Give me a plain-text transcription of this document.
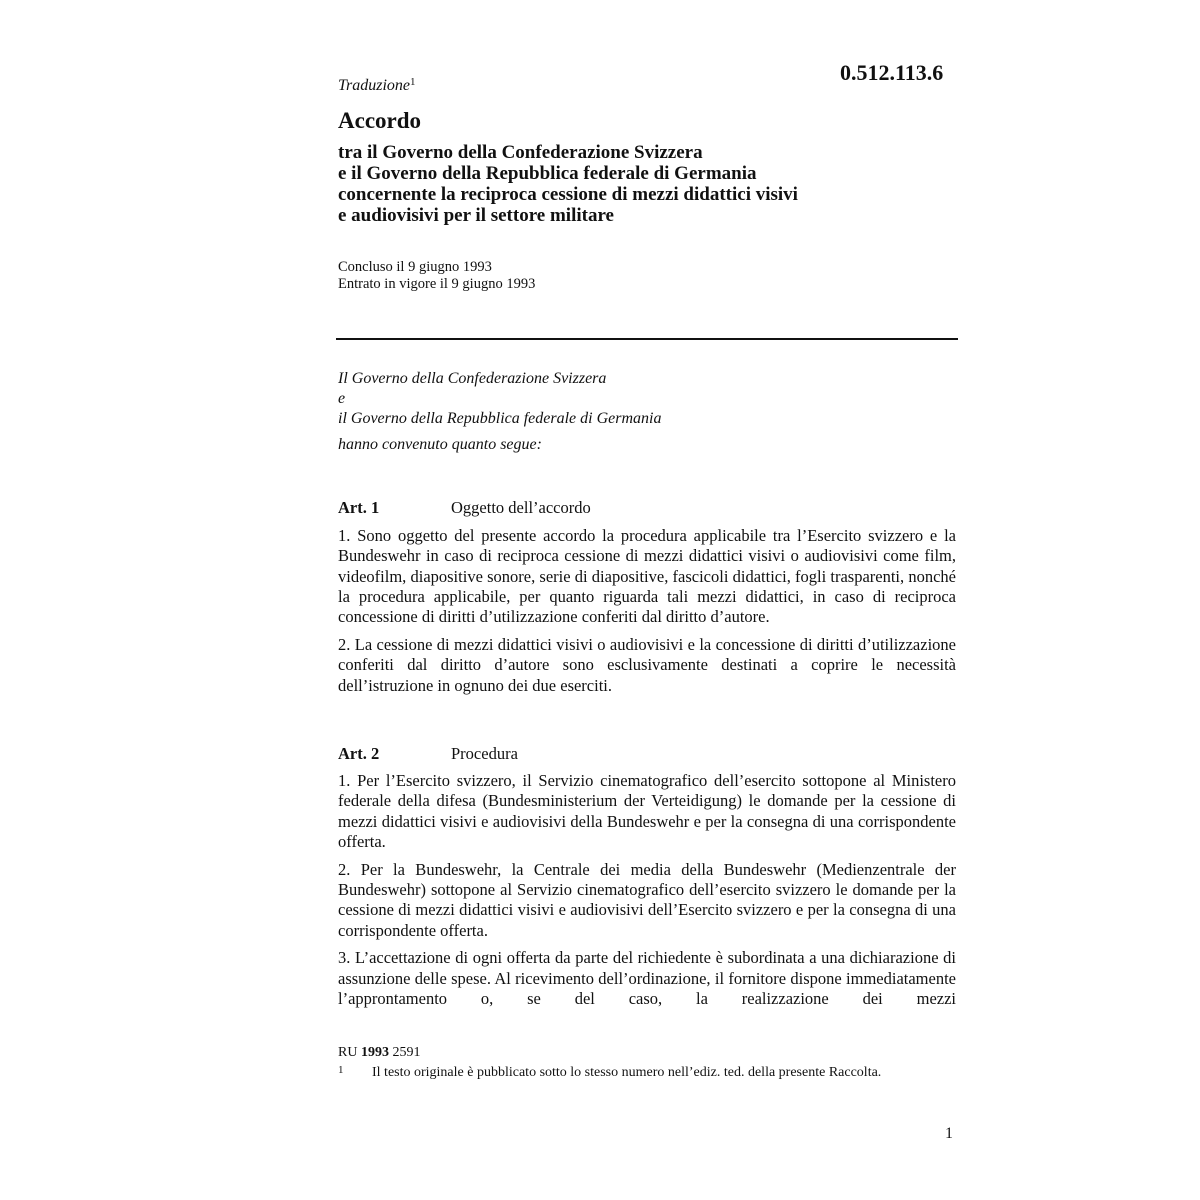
0.512.113.6
Traduzione$^1$
Accordo
tra il Governo della Confederazione Svizzera
e il Governo della Repubblica federale di Germania
concernente la reciproca cessione di mezzi didattici visivi
e audiovisivi per il settore militare
Concluso il 9 giugno 1993
Entrato in vigore il 9 giugno 1993
Il Governo della Confederazione Svizzera
e
il Governo della Repubblica federale di Germania
hanno convenuto quanto segue:
Art. 1	Oggetto dell’accordo

1. Sono oggetto del presente accordo la procedura applicabile tra l’Esercito svizzero e la Bundeswehr in caso di reciproca cessione di mezzi didattici visivi o audiovisivi come film, videofilm, diapositive sonore, serie di diapositive, fascicoli didattici, fogli trasparenti, nonché la procedura applicabile, per quanto riguarda tali mezzi didattici, in caso di reciproca concessione di diritti d’utilizzazione conferiti dal diritto d’autore.

2. La cessione di mezzi didattici visivi o audiovisivi e la concessione di diritti d’utilizzazione conferiti dal diritto d’autore sono esclusivamente destinati a coprire le necessità dell’istruzione in ognuno dei due eserciti.

Art. 2	Procedura

1. Per l’Esercito svizzero, il Servizio cinematografico dell’esercito sottopone al Ministero federale della difesa (Bundesministerium der Verteidigung) le domande per la cessione di mezzi didattici visivi e audiovisivi della Bundeswehr e per la consegna di una corrispondente offerta.

2. Per la Bundeswehr, la Centrale dei media della Bundeswehr (Medienzentrale der Bundeswehr) sottopone al Servizio cinematografico dell’esercito svizzero le domande per la cessione di mezzi didattici visivi e audiovisivi dell’Esercito svizzero e per la consegna di una corrispondente offerta.

3. L’accettazione di ogni offerta da parte del richiedente è subordinata a una dichiarazione di assunzione delle spese. Al ricevimento dell’ordinazione, il fornitore dispone immediatamente l’approntamento o, se del caso, la realizzazione dei mezzi

RU 1993 2591
1 Il testo originale è pubblicato sotto lo stesso numero nell’ediz. ted. della presente Raccolta.
1
